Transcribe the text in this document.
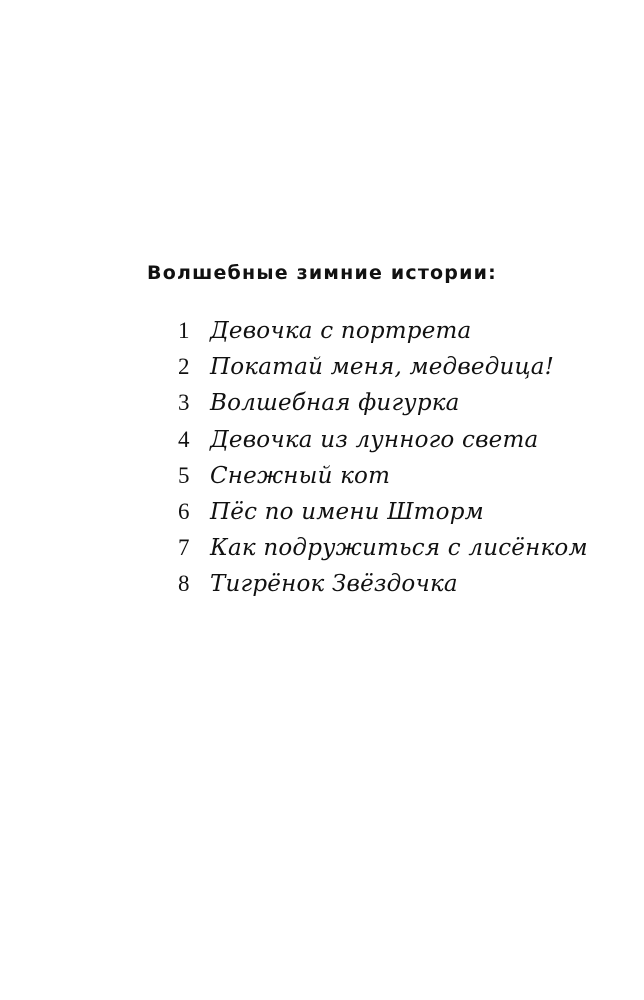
Волшебные зимние истории:
1 Девочка с портрета
2 Покатай меня, медведица!
3 Волшебная фигурка
4 Девочка из лунного света
5 Снежный кот
6 Пёс по имени Шторм
7 Как подружиться с лисёнком
8 Тигрёнок Звёздочка
